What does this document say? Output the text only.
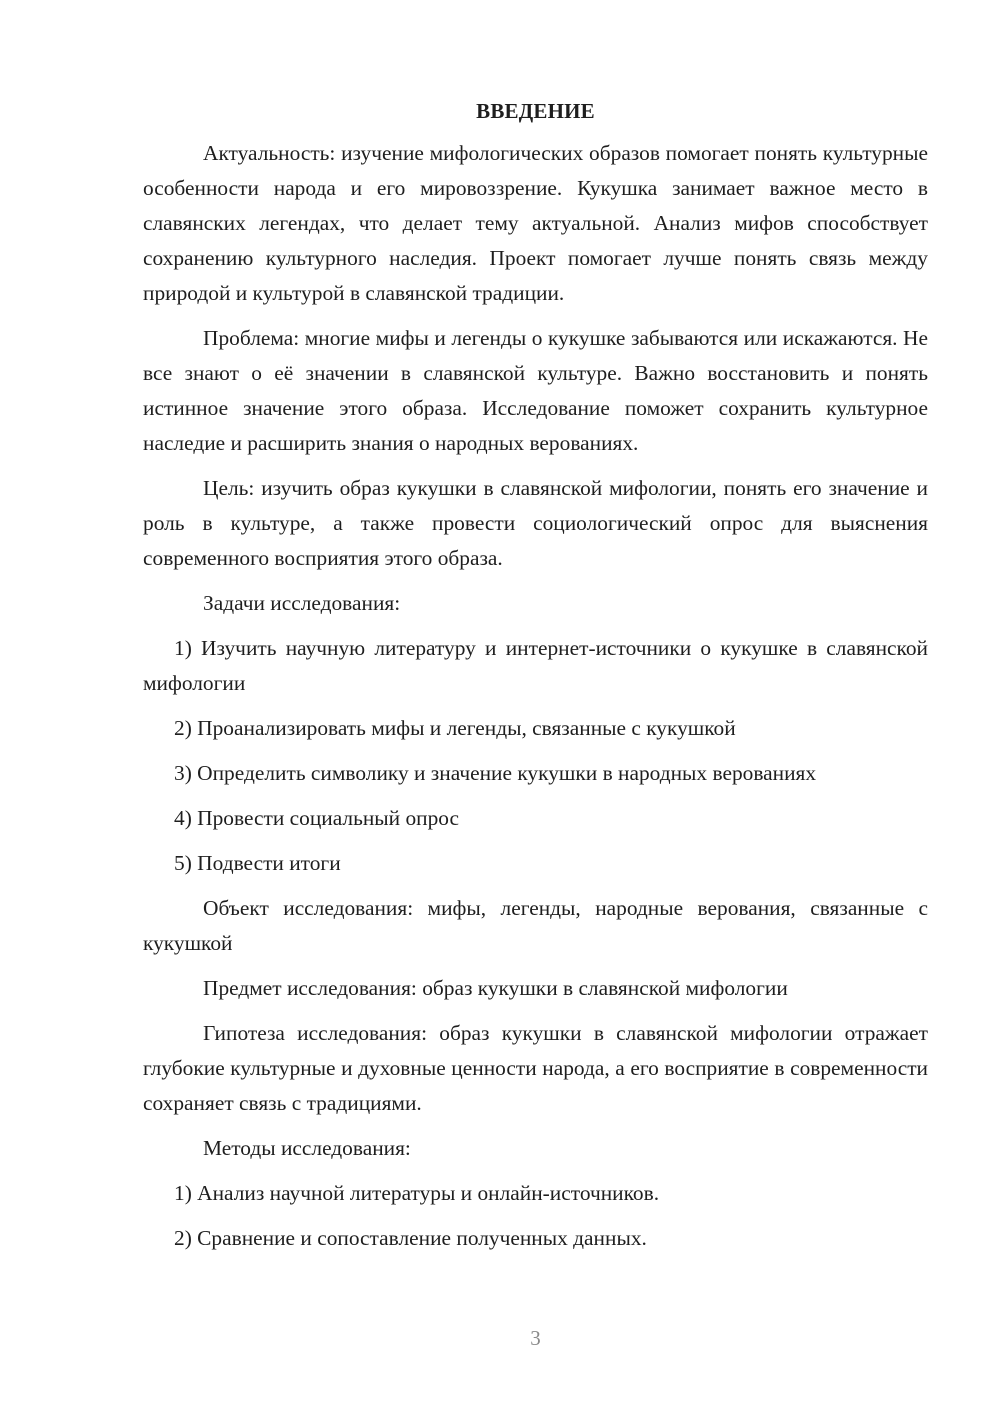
ВВЕДЕНИЕ

Актуальность: изучение мифологических образов помогает понять культурные особенности народа и его мировоззрение. Кукушка занимает важное место в славянских легендах, что делает тему актуальной. Анализ мифов способствует сохранению культурного наследия. Проект помогает лучше понять связь между природой и культурой в славянской традиции.

Проблема: многие мифы и легенды о кукушке забываются или искажаются. Не все знают о её значении в славянской культуре. Важно восстановить и понять истинное значение этого образа. Исследование поможет сохранить культурное наследие и расширить знания о народных верованиях.

Цель: изучить образ кукушки в славянской мифологии, понять его значение и роль в культуре, а также провести социологический опрос для выяснения современного восприятия этого образа.

Задачи исследования:

1) Изучить научную литературу и интернет-источники о кукушке в славянской мифологии

2) Проанализировать мифы и легенды, связанные с кукушкой

3) Определить символику и значение кукушки в народных верованиях

4) Провести социальный опрос

5) Подвести итоги

Объект исследования: мифы, легенды, народные верования, связанные с кукушкой

Предмет исследования: образ кукушки в славянской мифологии

Гипотеза исследования: образ кукушки в славянской мифологии отражает глубокие культурные и духовные ценности народа, а его восприятие в современности сохраняет связь с традициями.

Методы исследования:

1) Анализ научной литературы и онлайн-источников.

2) Сравнение и сопоставление полученных данных.

3
